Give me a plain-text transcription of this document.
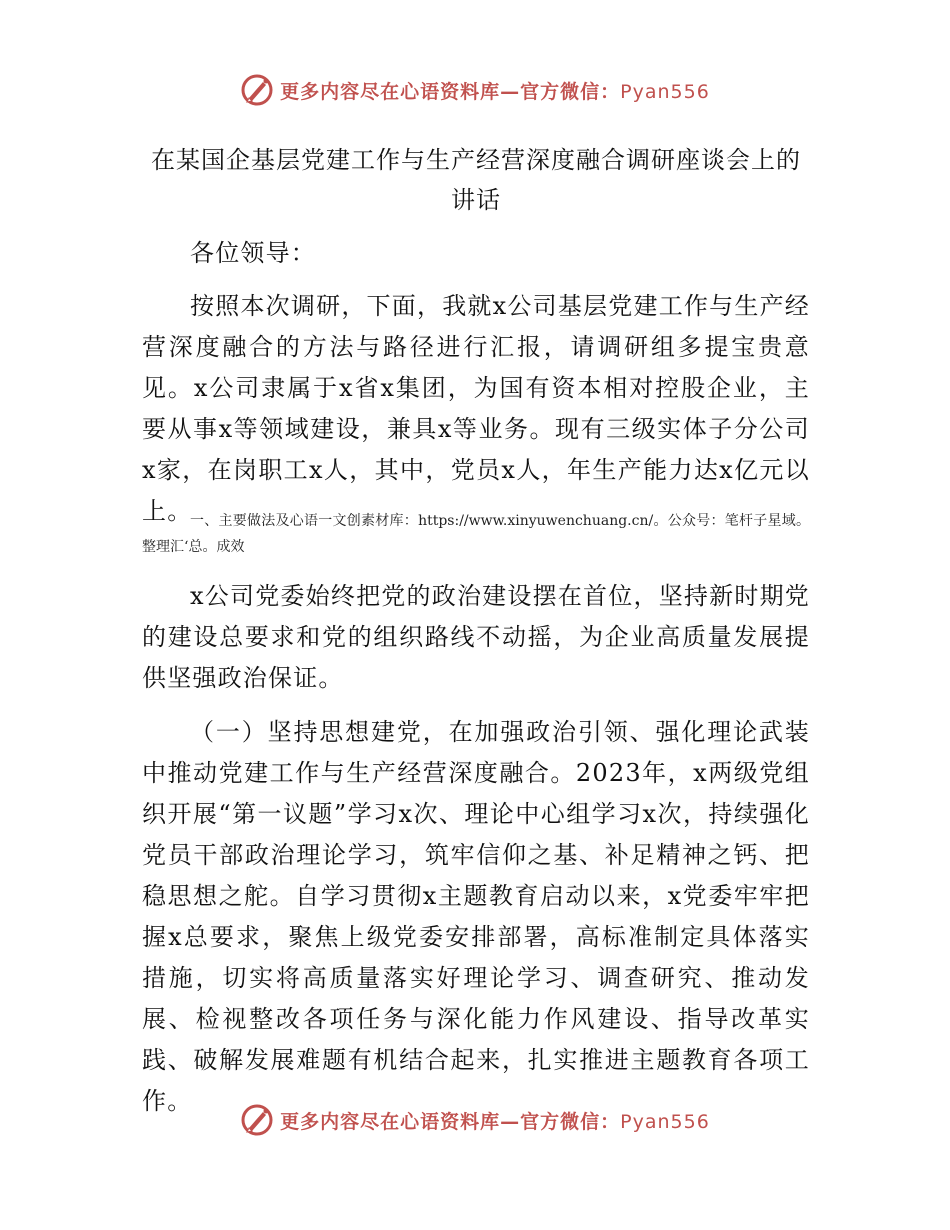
更多内容尽在心语资料库—官方微信：Pyan556
在某国企基层党建工作与生产经营深度融合调研座谈会上的讲话
各位领导：
按照本次调研，下面，我就x公司基层党建工作与生产经营深度融合的方法与路径进行汇报，请调研组多提宝贵意见。x公司隶属于x省x集团，为国有资本相对控股企业，主要从事x等领域建设，兼具x等业务。现有三级实体子分公司x家，在岗职工x人，其中，党员x人，年生产能力达x亿元以上。
一、主要做法及心语一文创素材库：https://www.xinyuwenchuang.cn/。公众号：笔杆子星域。整理汇‘总。成效
x公司党委始终把党的政治建设摆在首位，坚持新时期党的建设总要求和党的组织路线不动摇，为企业高质量发展提供坚强政治保证。
（一）坚持思想建党，在加强政治引领、强化理论武装中推动党建工作与生产经营深度融合。2023年，x两级党组织开展“第一议题”学习x次、理论中心组学习x次，持续强化党员干部政治理论学习，筑牢信仰之基、补足精神之钙、把稳思想之舵。自学习贯彻x主题教育启动以来，x党委牢牢把握x总要求，聚焦上级党委安排部署，高标准制定具体落实措施，切实将高质量落实好理论学习、调查研究、推动发展、检视整改各项任务与深化能力作风建设、指导改革实践、破解发展难题有机结合起来，扎实推进主题教育各项工作。
更多内容尽在心语资料库—官方微信：Pyan556
